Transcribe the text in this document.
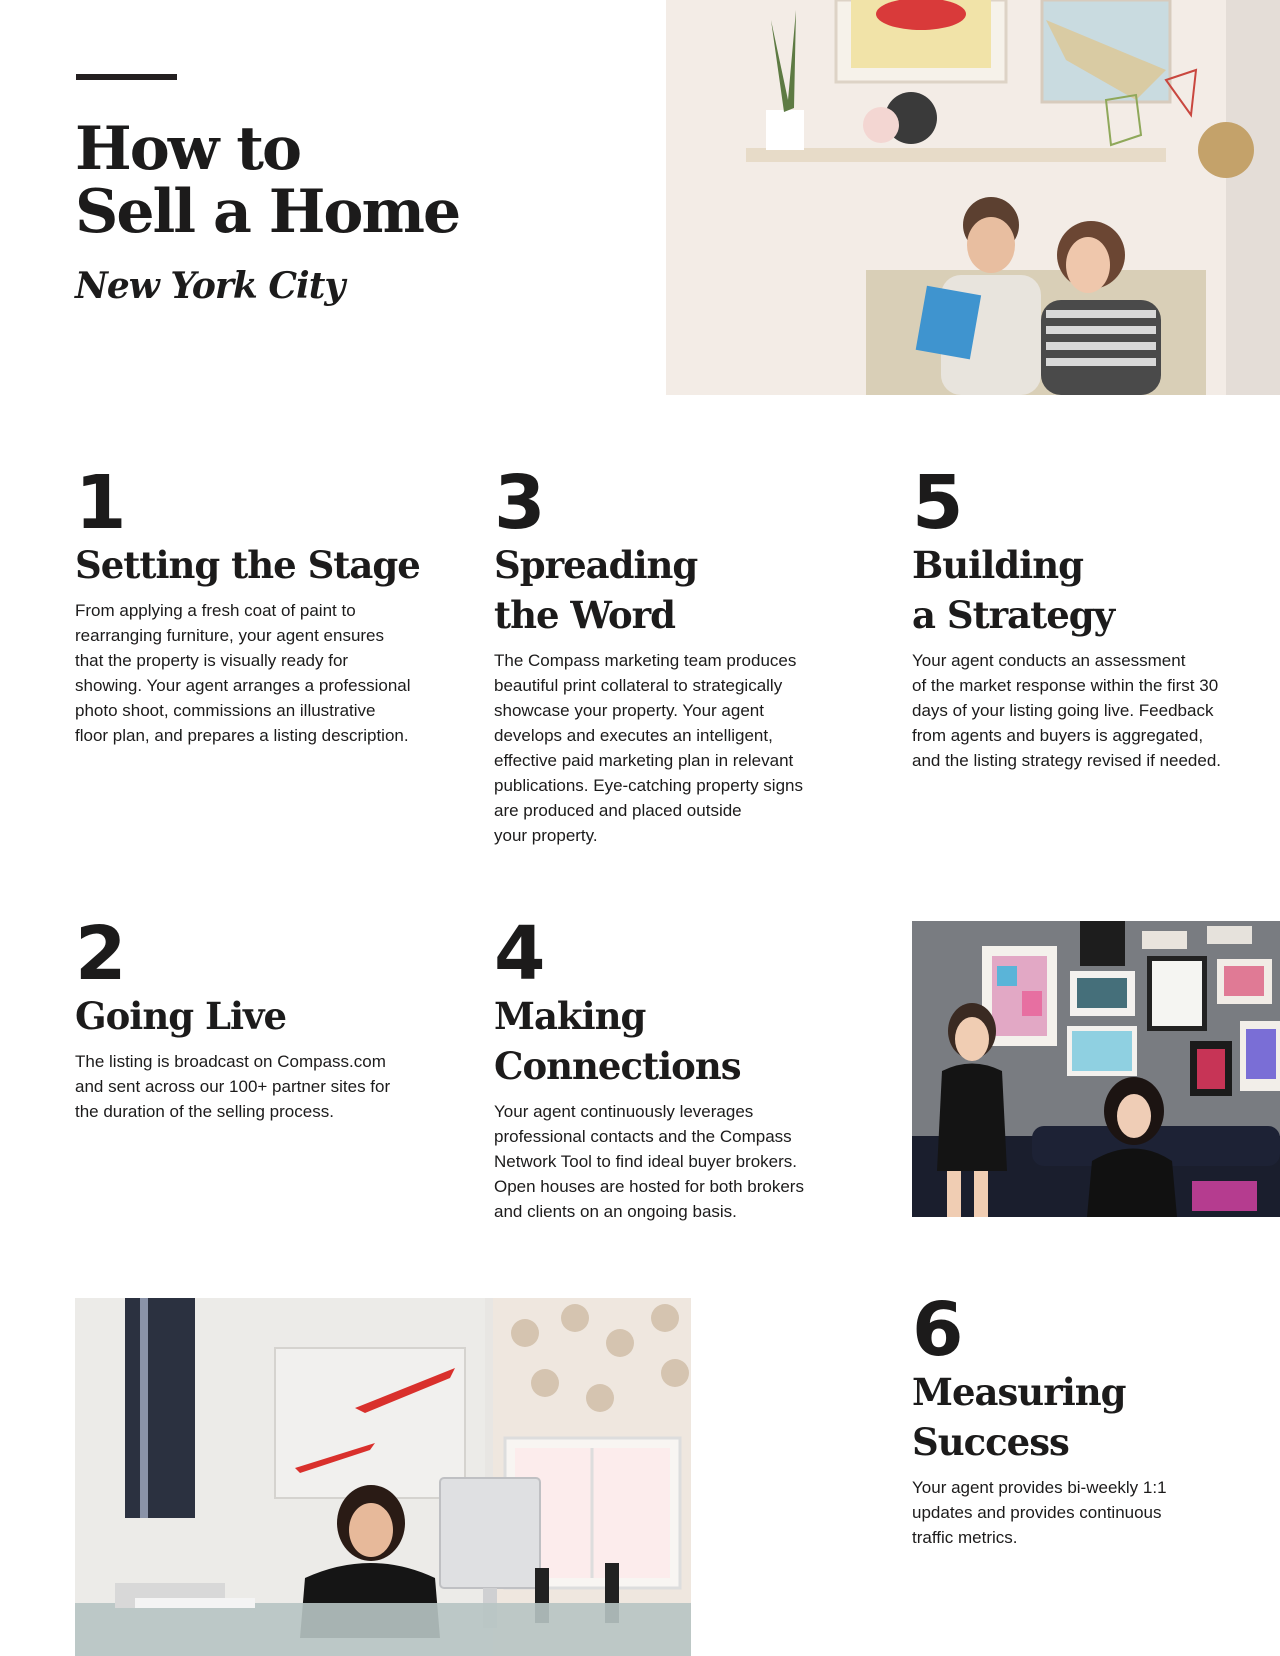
How to
Sell a Home

New York City

1
Setting the Stage
From applying a fresh coat of paint to
rearranging furniture, your agent ensures
that the property is visually ready for
showing. Your agent arranges a professional
photo shoot, commissions an illustrative
floor plan, and prepares a listing description.
3
Spreading
the Word
The Compass marketing team produces
beautiful print collateral to strategically
showcase your property. Your agent
develops and executes an intelligent,
effective paid marketing plan in relevant
publications. Eye-catching property signs
are produced and placed outside
your property.
5
Building
a Strategy
Your agent conducts an assessment
of the market response within the first 30
days of your listing going live. Feedback
from agents and buyers is aggregated,
and the listing strategy revised if needed.
2
Going Live
The listing is broadcast on Compass.com
and sent across our 100+ partner sites for
the duration of the selling process.
4
Making
Connections
Your agent continuously leverages
professional contacts and the Compass
Network Tool to find ideal buyer brokers.
Open houses are hosted for both brokers
and clients on an ongoing basis.
6
Measuring
Success
Your agent provides bi-weekly 1:1
updates and provides continuous
traffic metrics.
